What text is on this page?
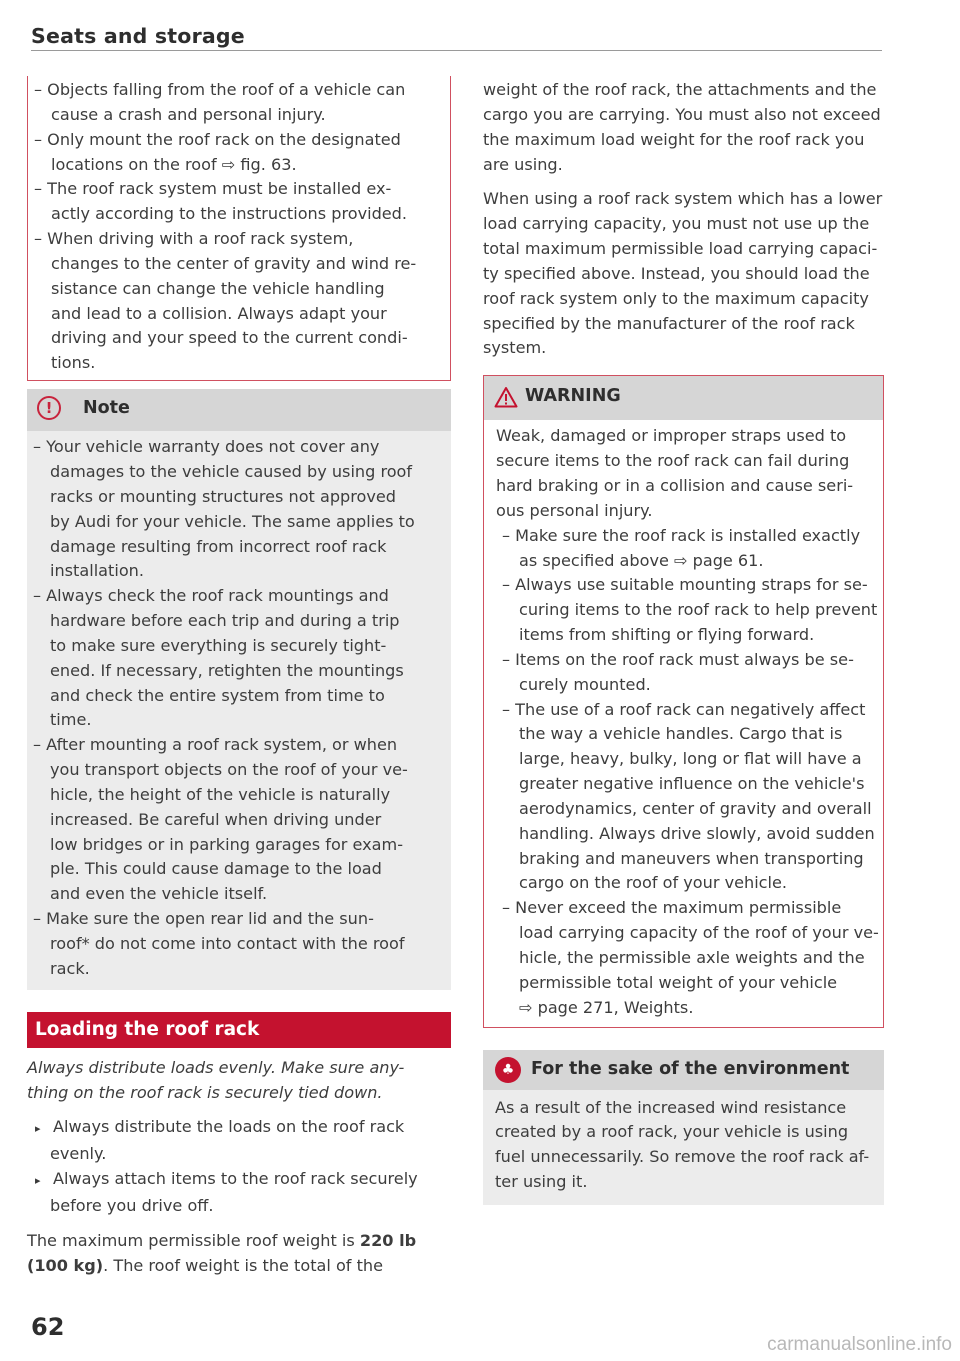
Seats and storage
– Objects falling from the roof of a vehicle can
cause a crash and personal injury.
– Only mount the roof rack on the designated
locations on the roof ⇨ fig. 63.
– The roof rack system must be installed ex-
actly according to the instructions provided.
– When driving with a roof rack system,
changes to the center of gravity and wind re-
sistance can change the vehicle handling
and lead to a collision. Always adapt your
driving and your speed to the current condi-
tions.
!	Note
– Your vehicle warranty does not cover any
damages to the vehicle caused by using roof
racks or mounting structures not approved
by Audi for your vehicle. The same applies to
damage resulting from incorrect roof rack
installation.
– Always check the roof rack mountings and
hardware before each trip and during a trip
to make sure everything is securely tight-
ened. If necessary, retighten the mountings
and check the entire system from time to
time.
– After mounting a roof rack system, or when
you transport objects on the roof of your ve-
hicle, the height of the vehicle is naturally
increased. Be careful when driving under
low bridges or in parking garages for exam-
ple. This could cause damage to the load
and even the vehicle itself.
– Make sure the open rear lid and the sun-
roof* do not come into contact with the roof
rack.
Loading the roof rack
Always distribute loads evenly. Make sure any-
thing on the roof rack is securely tied down.
▸ Always distribute the loads on the roof rack
evenly.
▸ Always attach items to the roof rack securely
before you drive off.
The maximum permissible roof weight is 220 lb
(100 kg). The roof weight is the total of the
weight of the roof rack, the attachments and the
cargo you are carrying. You must also not exceed
the maximum load weight for the roof rack you
are using.
When using a roof rack system which has a lower
load carrying capacity, you must not use up the
total maximum permissible load carrying capaci-
ty specified above. Instead, you should load the
roof rack system only to the maximum capacity
specified by the manufacturer of the roof rack
system.
WARNING
Weak, damaged or improper straps used to
secure items to the roof rack can fail during
hard braking or in a collision and cause seri-
ous personal injury.
– Make sure the roof rack is installed exactly
as specified above ⇨ page 61.
– Always use suitable mounting straps for se-
curing items to the roof rack to help prevent
items from shifting or flying forward.
– Items on the roof rack must always be se-
curely mounted.
– The use of a roof rack can negatively affect
the way a vehicle handles. Cargo that is
large, heavy, bulky, long or flat will have a
greater negative influence on the vehicle's
aerodynamics, center of gravity and overall
handling. Always drive slowly, avoid sudden
braking and maneuvers when transporting
cargo on the roof of your vehicle.
– Never exceed the maximum permissible
load carrying capacity of the roof of your ve-
hicle, the permissible axle weights and the
permissible total weight of your vehicle
⇨ page 271, Weights.
♣ For the sake of the environment
As a result of the increased wind resistance
created by a roof rack, your vehicle is using
fuel unnecessarily. So remove the roof rack af-
ter using it.
62
carmanualsonline.info
